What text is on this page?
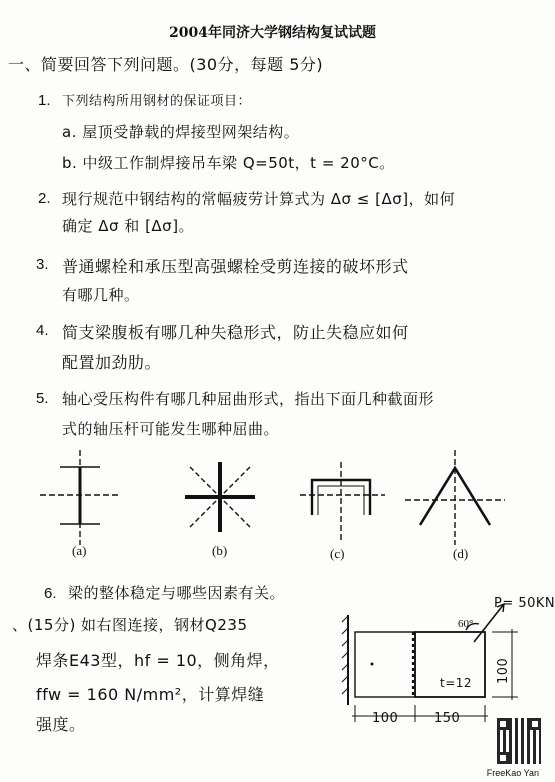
2004年同济大学钢结构复试试题
一、简要回答下列问题。(30分，每题 5分)
1. 下列结构所用钢材的保证项目：
a. 屋顶受静载的焊接型网架结构。
b. 中级工作制焊接吊车梁 Q=50t，t = 20°C。
2. 现行规范中钢结构的常幅疲劳计算式为 Δσ ≤ [Δσ]，如何
确定 Δσ 和 [Δσ]。
3. 普通螺栓和承压型高强螺栓受剪连接的破坏形式
有哪几种。
4. 简支梁腹板有哪几种失稳形式，防止失稳应如何
配置加劲肋。
5. 轴心受压构件有哪几种屈曲形式，指出下面几种截面形
式的轴压杆可能发生哪种屈曲。
(a)	(b)	(c)	(d)
6. 梁的整体稳定与哪些因素有关。
、(15分) 如右图连接，钢材Q235
焊条E43型，hf = 10，侧角焊，
ffw = 160 N/mm²，计算焊缝
强度。
P= 50KN
60°
t=12
100	150
100
FreeKao Yan
